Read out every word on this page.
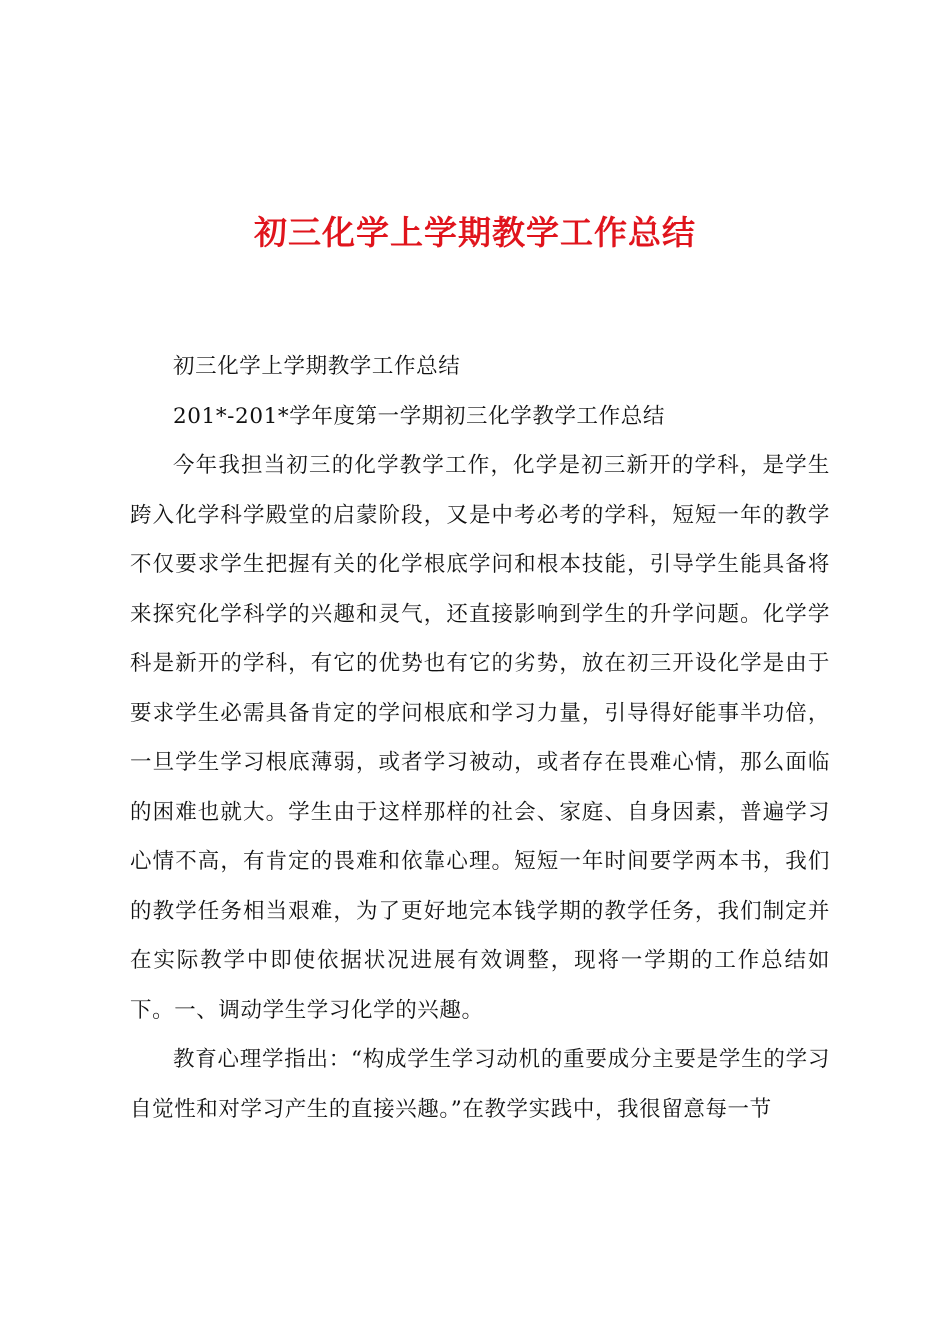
初三化学上学期教学工作总结

初三化学上学期教学工作总结

201*-201*学年度第一学期初三化学教学工作总结

今年我担当初三的化学教学工作，化学是初三新开的学科，是学生跨入化学科学殿堂的启蒙阶段，又是中考必考的学科，短短一年的教学不仅要求学生把握有关的化学根底学问和根本技能，引导学生能具备将来探究化学科学的兴趣和灵气，还直接影响到学生的升学问题。化学学科是新开的学科，有它的优势也有它的劣势，放在初三开设化学是由于要求学生必需具备肯定的学问根底和学习力量，引导得好能事半功倍，一旦学生学习根底薄弱，或者学习被动，或者存在畏难心情，那么面临的困难也就大。学生由于这样那样的社会、家庭、自身因素，普遍学习心情不高，有肯定的畏难和依靠心理。短短一年时间要学两本书，我们的教学任务相当艰难，为了更好地完本钱学期的教学任务，我们制定并在实际教学中即使依据状况进展有效调整，现将一学期的工作总结如下。一、调动学生学习化学的兴趣。

教育心理学指出：“构成学生学习动机的重要成分主要是学生的学习自觉性和对学习产生的直接兴趣。”在教学实践中，我很留意每一节
